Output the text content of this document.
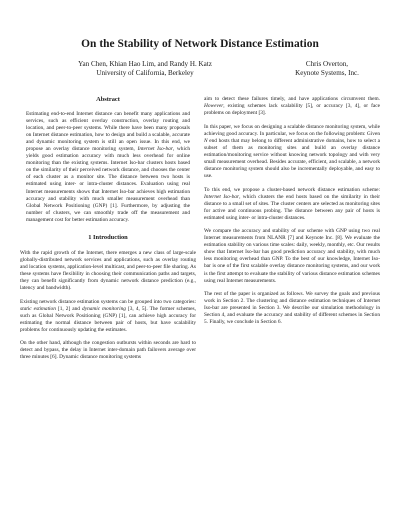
On the Stability of Network Distance Estimation
Yan Chen, Khian Hao Lim, and Randy H. Katz
University of California, Berkeley
Chris Overton,
Keynote Systems, Inc.
Abstract
Estimating end-to-end Internet distance can benefit many applications and services, such as efficient overlay construction, overlay routing and location, and peer-to-peer systems. While there have been many proposals on Internet distance estimation, how to design and build a scalable, accurate and dynamic monitoring system is still an open issue. In this end, we propose an overlay distance monitoring system, Internet Iso-bar, which yields good estimation accuracy with much less overhead for online monitoring than the existing systems. Internet Iso-bar clusters hosts based on the similarity of their perceived network distance, and chooses the center of each cluster as a monitor site. The distance between two hosts is estimated using inter- or intra-cluster distances. Evaluation using real Internet measurements shows that Internet Iso-bar achieves high estimation accuracy and stability with much smaller measurement overhead than Global Network Positioning (GNP) [1]. Furthermore, by adjusting the number of clusters, we can smoothly trade off the measurement and management cost for better estimation accuracy.
1 Introduction

With the rapid growth of the Internet, there emerges a new class of large-scale globally-distributed network services and applications, such as overlay routing and location systems, application-level multicast, and peer-to-peer file sharing. As these systems have flexibility in choosing their communication paths and targets, they can benefit significantly from dynamic network distance prediction (e.g., latency and bandwidth).

Existing network distance estimation systems can be grouped into two categories: static estimation [1, 2] and dynamic monitoring [3, 4, 5]. The former schemes, such as Global Network Positioning (GNP) [1], can achieve high accuracy for estimating the normal distance between pair of hosts, but have scalability problems for continuously updating the estimates.

On the other hand, although the congestion outbursts within seconds are hard to detect and bypass, the delay in Internet inter-domain path failovers average over three minutes [6]. Dynamic distance monitoring systems

aim to detect these failures timely, and have applications circumvent them. However, existing schemes lack scalability [5], or accuracy [3, 4], or face problems on deployment [3].

In this paper, we focus on designing a scalable distance monitoring system, while achieving good accuracy. In particular, we focus on the following problem: Given N end hosts that may belong to different administrative domains, how to select a subset of them as monitoring sites and build an overlay distance estimation/monitoring service without knowing network topology and with very small measurement overhead. Besides accurate, efficient, and scalable, a network distance monitoring system should also be incrementally deployable, and easy to use.

To this end, we propose a cluster-based network distance estimation scheme: Internet Iso-bar, which clusters the end hosts based on the similarity in their distance to a small set of sites. The cluster centers are selected as monitoring sites for active and continuous probing. The distance between any pair of hosts is estimated using inter- or intra-cluster distances.

We compare the accuracy and stability of our scheme with GNP using two real Internet measurements from NLANR [7] and Keynote Inc. [8]. We evaluate the estimation stability on various time scales: daily, weekly, monthly, etc. Our results show that Internet Iso-bar has good prediction accuracy and stability, with much less monitoring overhead than GNP. To the best of our knowledge, Internet Iso-bar is one of the first scalable overlay distance monitoring systems, and our work is the first attempt to evaluate the stability of various distance estimation schemes using real Internet measurements.

The rest of the paper is organized as follows. We survey the goals and previous work in Section 2. The clustering and distance estimation techniques of Internet Iso-bar are presented in Section 3. We describe our simulation methodology in Section 4, and evaluate the accuracy and stability of different schemes in Section 5. Finally, we conclude in Section 6.
